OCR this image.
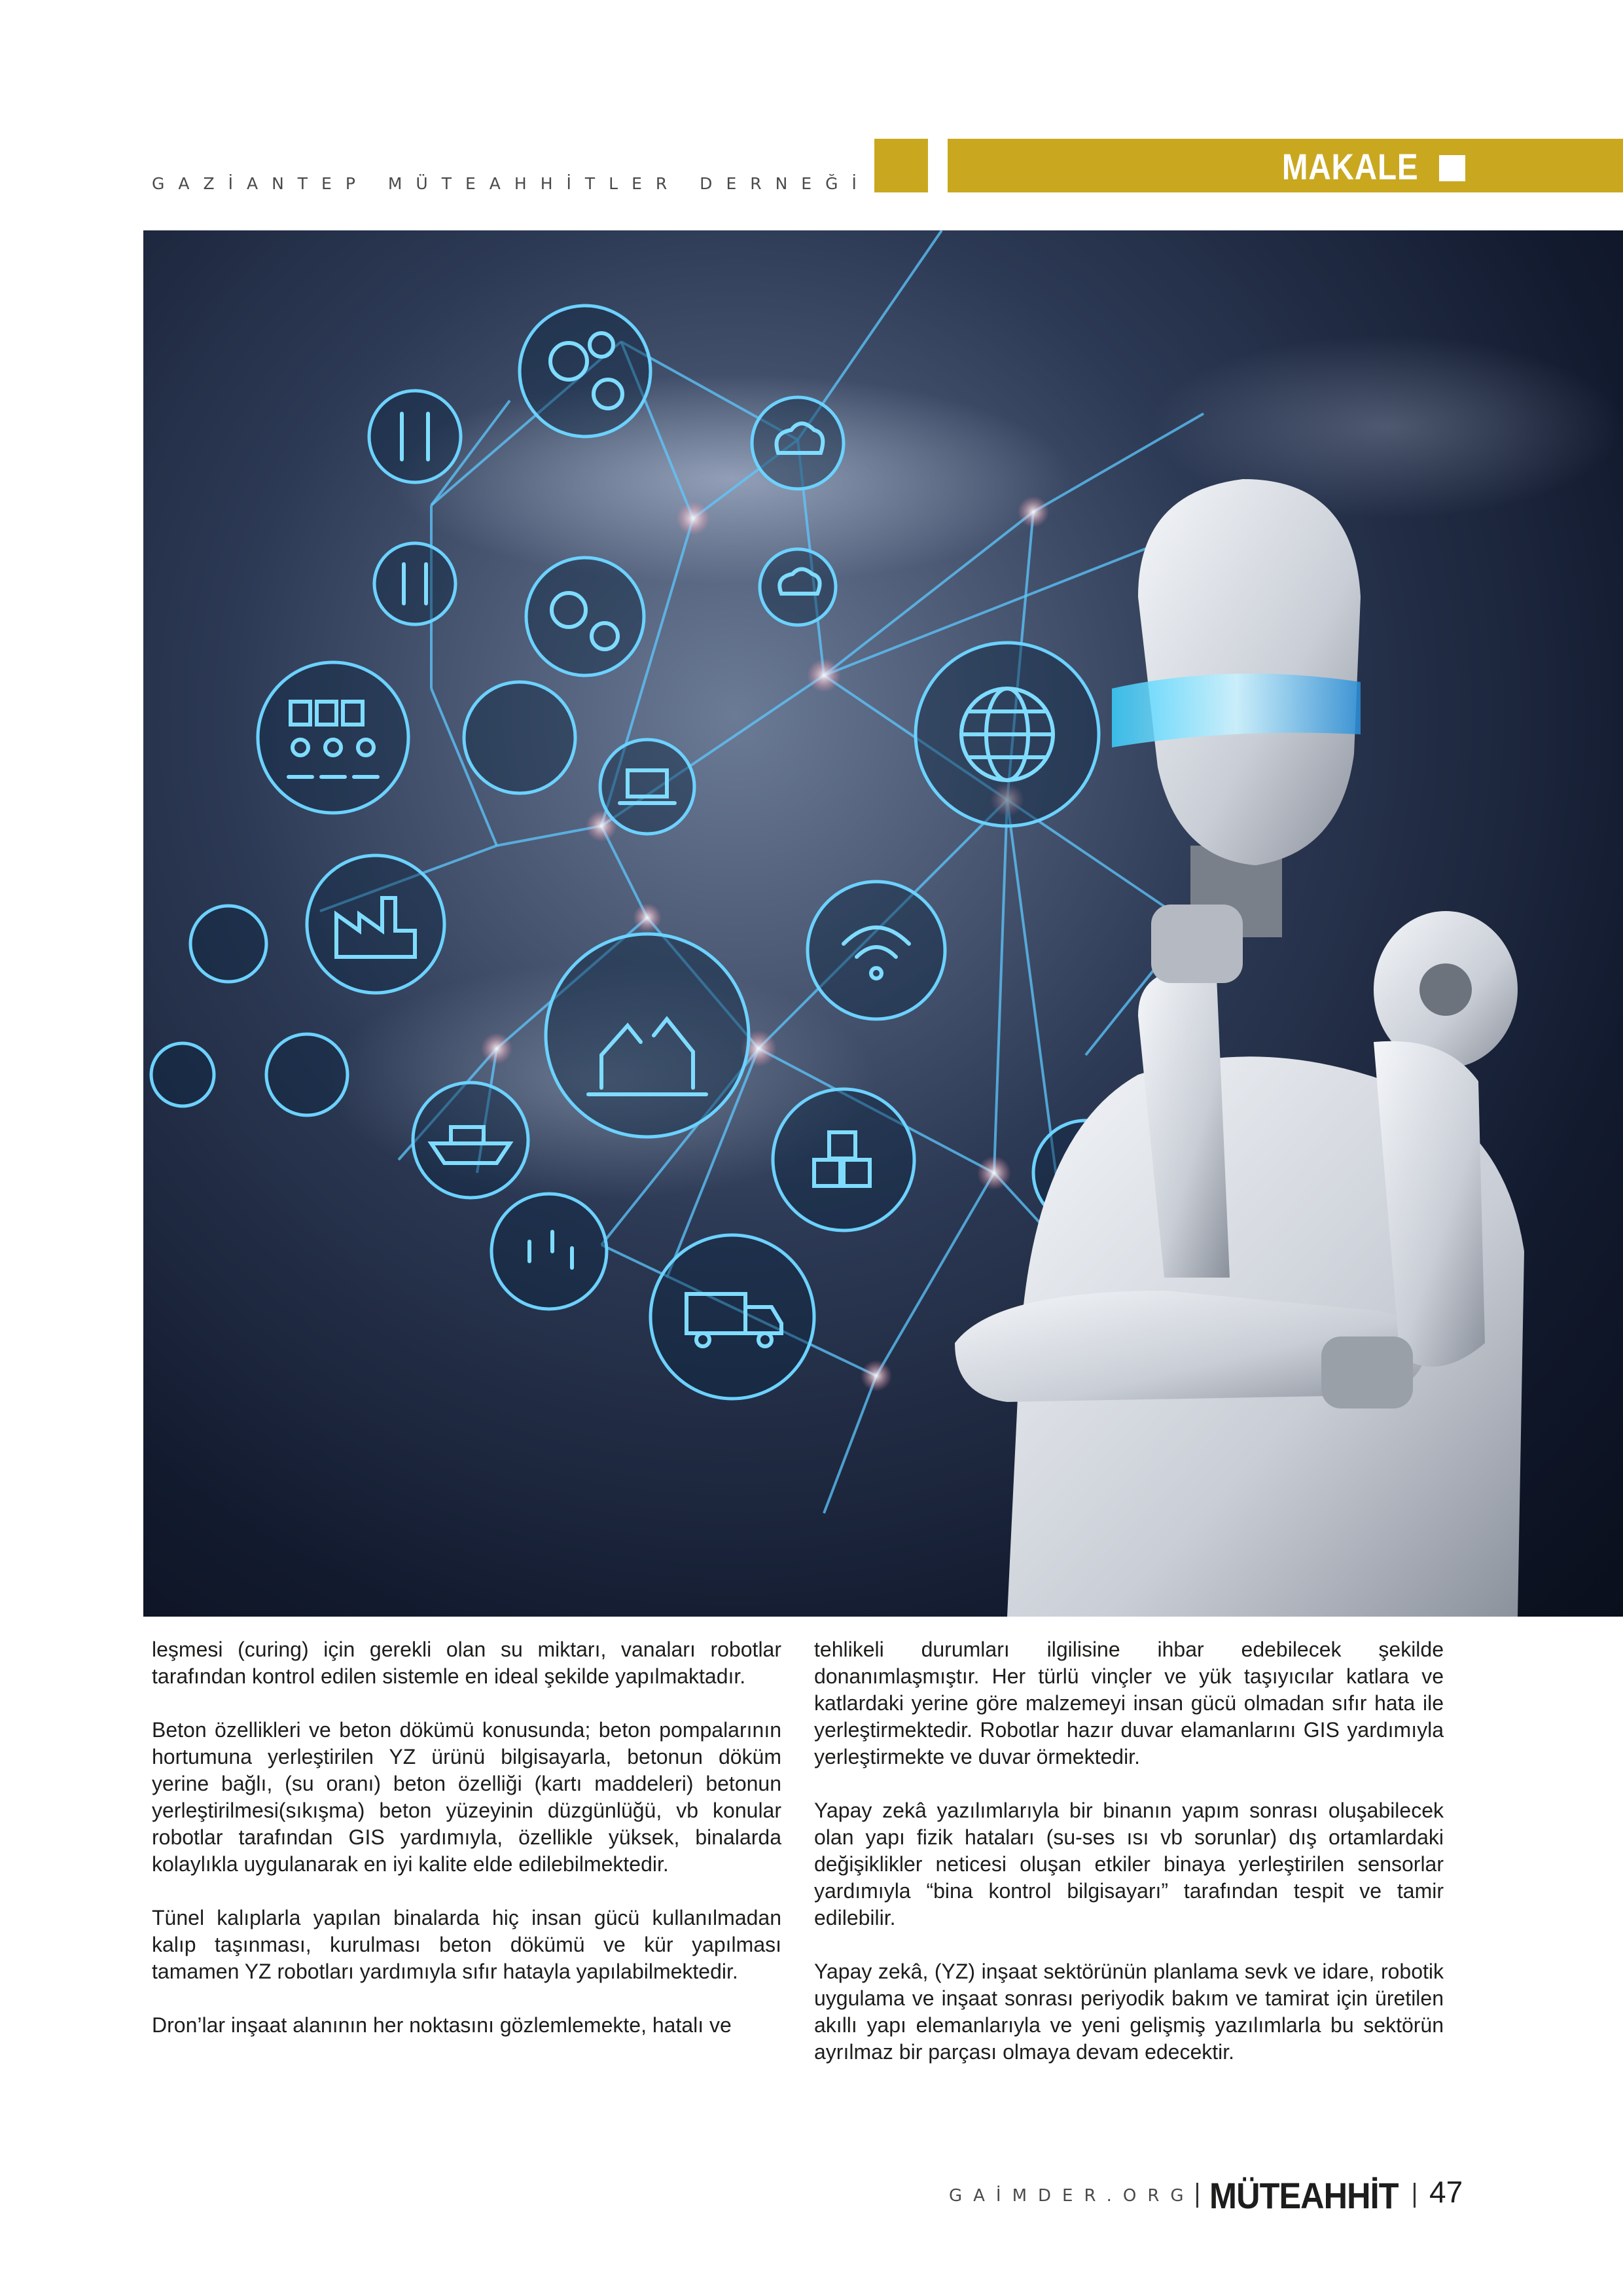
GAZİANTEP MÜTEAHHİTLER DERNEĞİ	MAKALE

leşmesi (curing) için gerekli olan su miktarı, vanaları robotlar tarafından kontrol edilen sistemle en ideal şekilde yapılmaktadır.

Beton özellikleri ve beton dökümü konusunda; beton pompalarının hortumuna yerleştirilen YZ ürünü bilgisayarla, betonun döküm yerine bağlı, (su oranı) beton özelliği (kartı maddeleri) betonun yerleştirilmesi(sıkışma) beton yüzeyinin düzgünlüğü, vb konular robotlar tarafından GIS yardımıyla, özellikle yüksek, binalarda kolaylıkla uygulanarak en iyi kalite elde edilebilmektedir.

Tünel kalıplarla yapılan binalarda hiç insan gücü kullanılmadan kalıp taşınması, kurulması beton dökümü ve kür yapılması tamamen YZ robotları yardımıyla sıfır hatayla yapılabilmektedir.

Dron’lar inşaat alanının her noktasını gözlemlemekte, hatalı ve

tehlikeli durumları ilgilisine ihbar edebilecek şekilde donanımlaşmıştır. Her türlü vinçler ve yük taşıyıcılar katlara ve katlardaki yerine göre malzemeyi insan gücü olmadan sıfır hata ile yerleştirmektedir. Robotlar hazır duvar elamanlarını GIS yardımıyla yerleştirmekte ve duvar örmektedir.

Yapay zekâ yazılımlarıyla bir binanın yapım sonrası oluşabilecek olan yapı fizik hataları (su-ses ısı vb sorunlar) dış ortamlardaki değişiklikler neticesi oluşan etkiler binaya yerleştirilen sensorlar yardımıyla “bina kontrol bilgisayarı” tarafından tespit ve tamir edilebilir.

Yapay zekâ, (YZ) inşaat sektörünün planlama sevk ve idare, robotik uygulama ve inşaat sonrası periyodik bakım ve tamirat için üretilen akıllı yapı elemanlarıyla ve yeni gelişmiş yazılımlarla bu sektörün ayrılmaz bir parçası olmaya devam edecektir.

GAİMDER.ORG MÜTEAHHİT 47
